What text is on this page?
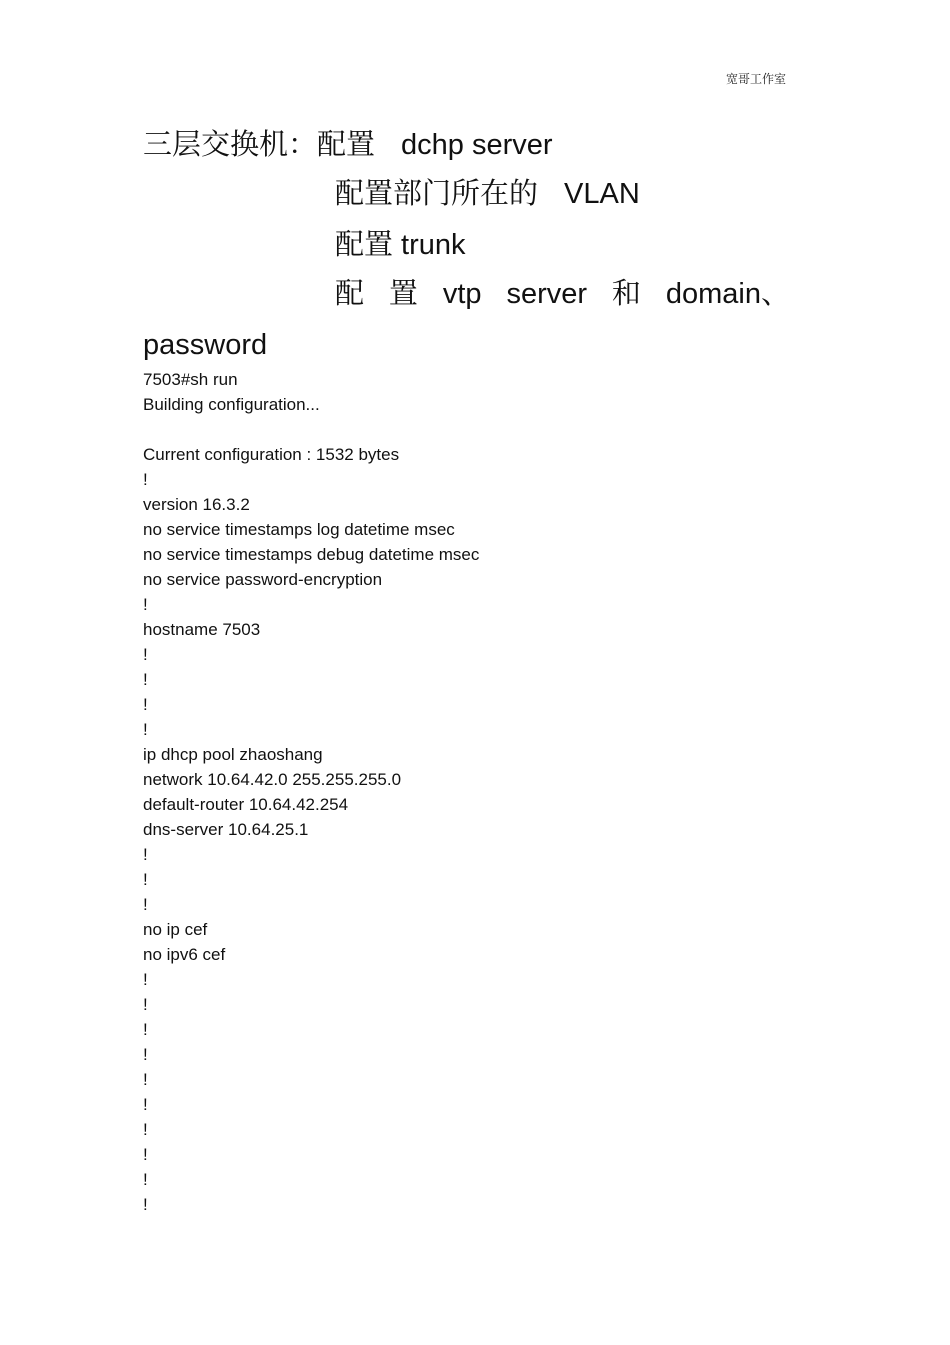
宽哥工作室
三层交换机：配置 dchp server
配置部门所在的 VLAN
配置 trunk
配 置 vtp server 和 domain、
password
7503#sh run
Building configuration...
Current configuration : 1532 bytes
!
version 16.3.2
no service timestamps log datetime msec
no service timestamps debug datetime msec
no service password-encryption
!
hostname 7503
!
!
!
!
ip dhcp pool zhaoshang
network 10.64.42.0 255.255.255.0
default-router 10.64.42.254
dns-server 10.64.25.1
!
!
!
no ip cef
no ipv6 cef
!
!
!
!
!
!
!
!
!
!
